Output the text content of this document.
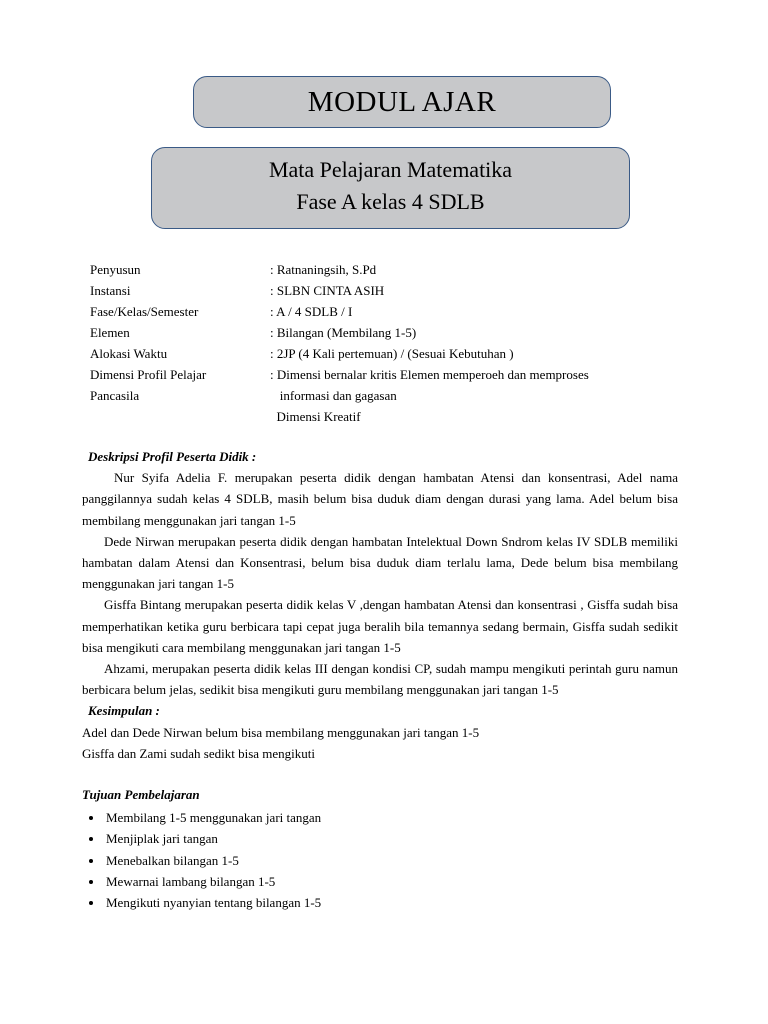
MODUL AJAR
Mata Pelajaran Matematika
Fase A kelas 4 SDLB
Penyusun	: Ratnaningsih, S.Pd
Instansi	: SLBN CINTA ASIH
Fase/Kelas/Semester	: A / 4 SDLB / I
Elemen	: Bilangan (Membilang 1-5)
Alokasi Waktu	: 2JP (4 Kali pertemuan) / (Sesuai Kebutuhan )
Dimensi Profil Pelajar	: Dimensi bernalar kritis Elemen memperoeh dan memproses
Pancasila	informasi dan gagasan
Dimensi Kreatif
Deskripsi Profil Peserta Didik :

Nur Syifa Adelia F. merupakan peserta didik dengan hambatan Atensi dan konsentrasi, Adel nama panggilannya sudah kelas 4 SDLB, masih belum bisa duduk diam dengan durasi yang lama. Adel belum bisa membilang menggunakan jari tangan 1-5

Dede Nirwan merupakan peserta didik dengan hambatan Intelektual Down Sndrom kelas IV SDLB memiliki hambatan dalam Atensi dan Konsentrasi, belum bisa duduk diam terlalu lama, Dede belum bisa membilang menggunakan jari tangan 1-5

Gisffa Bintang merupakan peserta didik kelas V ,dengan hambatan Atensi dan konsentrasi , Gisffa sudah bisa memperhatikan ketika guru berbicara tapi cepat juga beralih bila temannya sedang bermain, Gisffa sudah sedikit bisa mengikuti cara membilang menggunakan jari tangan 1-5

Ahzami, merupakan peserta didik kelas III dengan kondisi CP, sudah mampu mengikuti perintah guru namun berbicara belum jelas, sedikit bisa mengikuti guru membilang menggunakan jari tangan 1-5

Kesimpulan :

Adel dan Dede Nirwan belum bisa membilang menggunakan jari tangan 1-5

Gisffa dan Zami sudah sedikt bisa mengikuti

Tujuan Pembelajaran
• Membilang 1-5 menggunakan jari tangan
• Menjiplak jari tangan
• Menebalkan bilangan 1-5
• Mewarnai lambang bilangan 1-5
• Mengikuti nyanyian tentang bilangan 1-5
